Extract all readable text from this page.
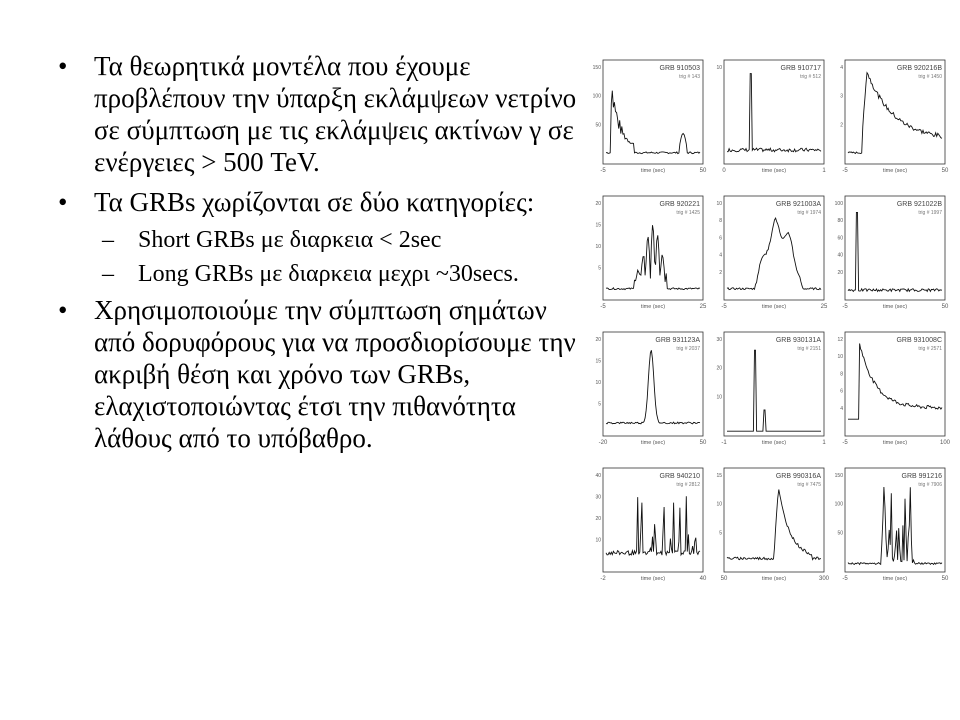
• Τα θεωρητικά μοντέλα που έχουμε προβλέπουν την ύπαρξη εκλάμψεων νετρίνο σε σύμπτωση με τις εκλάμψεις ακτίνων γ σε ενέργειες > 500 TeV.
• Τα GRBs χωρίζονται σε δύο κατηγορίες:
– Short GRBs με διαρκεια < 2sec
– Long GRBs με διαρκεια μεχρι ~30secs.
• Χρησιμοποιούμε την σύμπτωση σημάτων από δορυφόρους για να προσδιορίσουμε την ακριβή θέση και χρόνο των GRBs, ελαχιστοποιώντας έτσι την πιθανότητα λάθους από το υπόβαθρο.
GRB 910503
trig # 143
150
100
50
-5	50
time (sec)
GRB 910717
trig # 512
10
0	1
time (sec)
GRB 920216B
trig # 1450
4
3
2
-5	50
time (sec)
GRB 920221
trig # 1425
20
15
10
5
-5	25
time (sec)
GRB 921003A
trig # 1974
10
8
6
4
2
-5	25
time (sec)
GRB 921022B
trig # 1997
100
80
60
40
20
-5	50
time (sec)
GRB 931123A
trig # 2037
20
15
10
5
-20	50
time (sec)
GRB 930131A
trig # 2151
30
20
10
-1	1
time (sec)
GRB 931008C
trig # 2571
12
10
8
6
4
-5	100
time (sec)
GRB 940210
trig # 2812
40
30
20
10
-2	40
time (sec)
GRB 990316A
trig # 7475
15
10
5
50	300
time (sec)
GRB 991216
trig # 7906
150
100
50
-5	50
time (sec)
